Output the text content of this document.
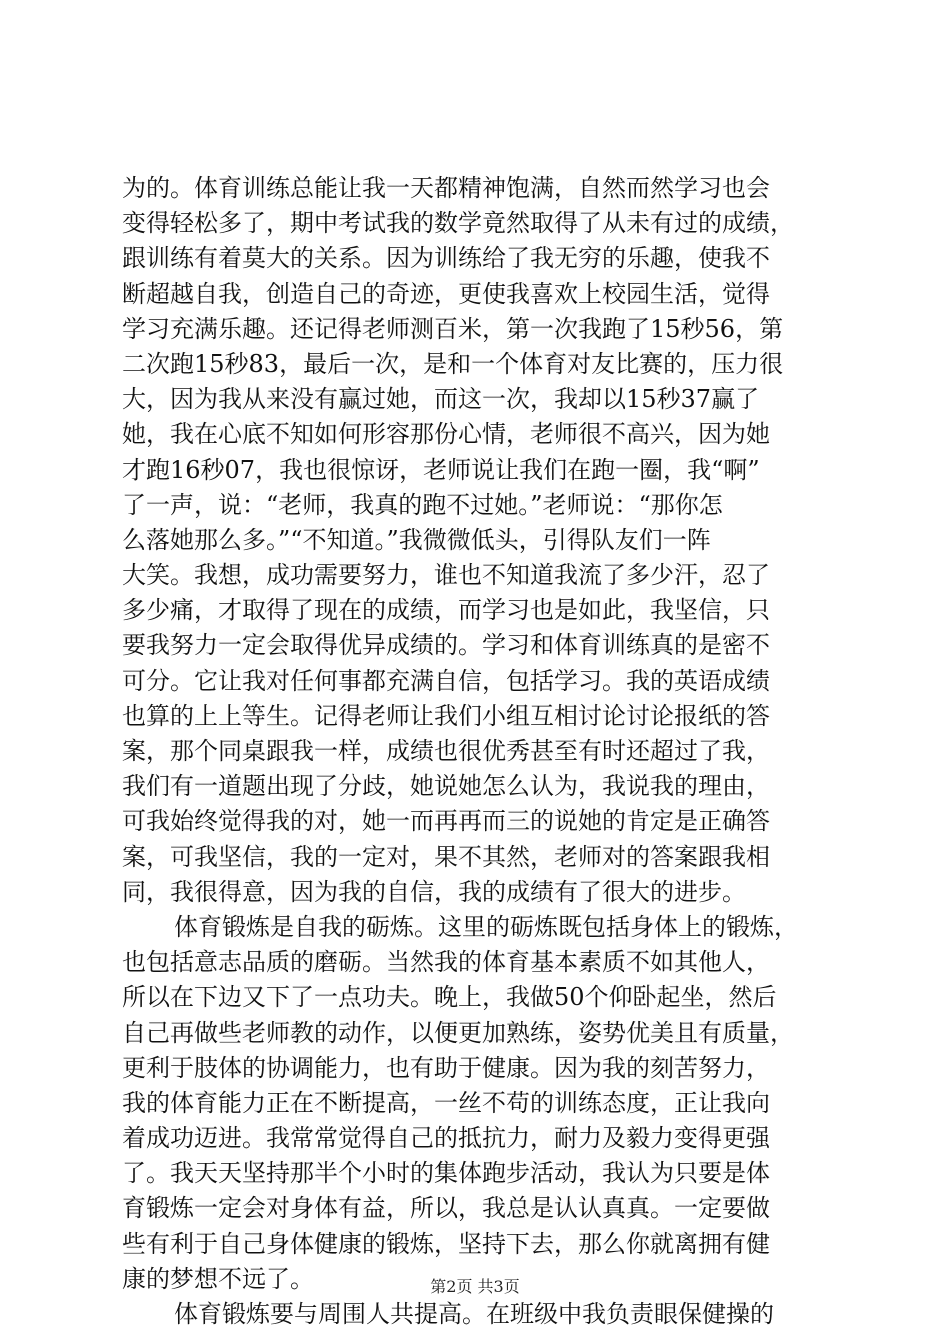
为的。体育训练总能让我一天都精神饱满，自然而然学习也会
变得轻松多了，期中考试我的数学竟然取得了从未有过的成绩，
跟训练有着莫大的关系。因为训练给了我无穷的乐趣，使我不
断超越自我，创造自己的奇迹，更使我喜欢上校园生活，觉得
学习充满乐趣。还记得老师测百米，第一次我跑了15秒56，第
二次跑15秒83，最后一次，是和一个体育对友比赛的，压力很
大，因为我从来没有赢过她，而这一次，我却以15秒37赢了
她，我在心底不知如何形容那份心情，老师很不高兴，因为她
才跑16秒07，我也很惊讶，老师说让我们在跑一圈，我“啊”
了一声，说：“老师，我真的跑不过她。”老师说：“那你怎
么落她那么多。”“不知道。”我微微低头，引得队友们一阵
大笑。我想，成功需要努力，谁也不知道我流了多少汗，忍了
多少痛，才取得了现在的成绩，而学习也是如此，我坚信，只
要我努力一定会取得优异成绩的。学习和体育训练真的是密不
可分。它让我对任何事都充满自信，包括学习。我的英语成绩
也算的上上等生。记得老师让我们小组互相讨论讨论报纸的答
案，那个同桌跟我一样，成绩也很优秀甚至有时还超过了我，
我们有一道题出现了分歧，她说她怎么认为，我说我的理由，
可我始终觉得我的对，她一而再再而三的说她的肯定是正确答
案，可我坚信，我的一定对，果不其然，老师对的答案跟我相
同，我很得意，因为我的自信，我的成绩有了很大的进步。
体育锻炼是自我的砺炼。这里的砺炼既包括身体上的锻炼，
也包括意志品质的磨砺。当然我的体育基本素质不如其他人，
所以在下边又下了一点功夫。晚上，我做50个仰卧起坐，然后
自己再做些老师教的动作，以便更加熟练，姿势优美且有质量，
更利于肢体的协调能力，也有助于健康。因为我的刻苦努力，
我的体育能力正在不断提高，一丝不苟的训练态度，正让我向
着成功迈进。我常常觉得自己的抵抗力，耐力及毅力变得更强
了。我天天坚持那半个小时的集体跑步活动，我认为只要是体
育锻炼一定会对身体有益，所以，我总是认认真真。一定要做
些有利于自己身体健康的锻炼，坚持下去，那么你就离拥有健
康的梦想不远了。
体育锻炼要与周围人共提高。在班级中我负责眼保健操的
第2页 共3页
